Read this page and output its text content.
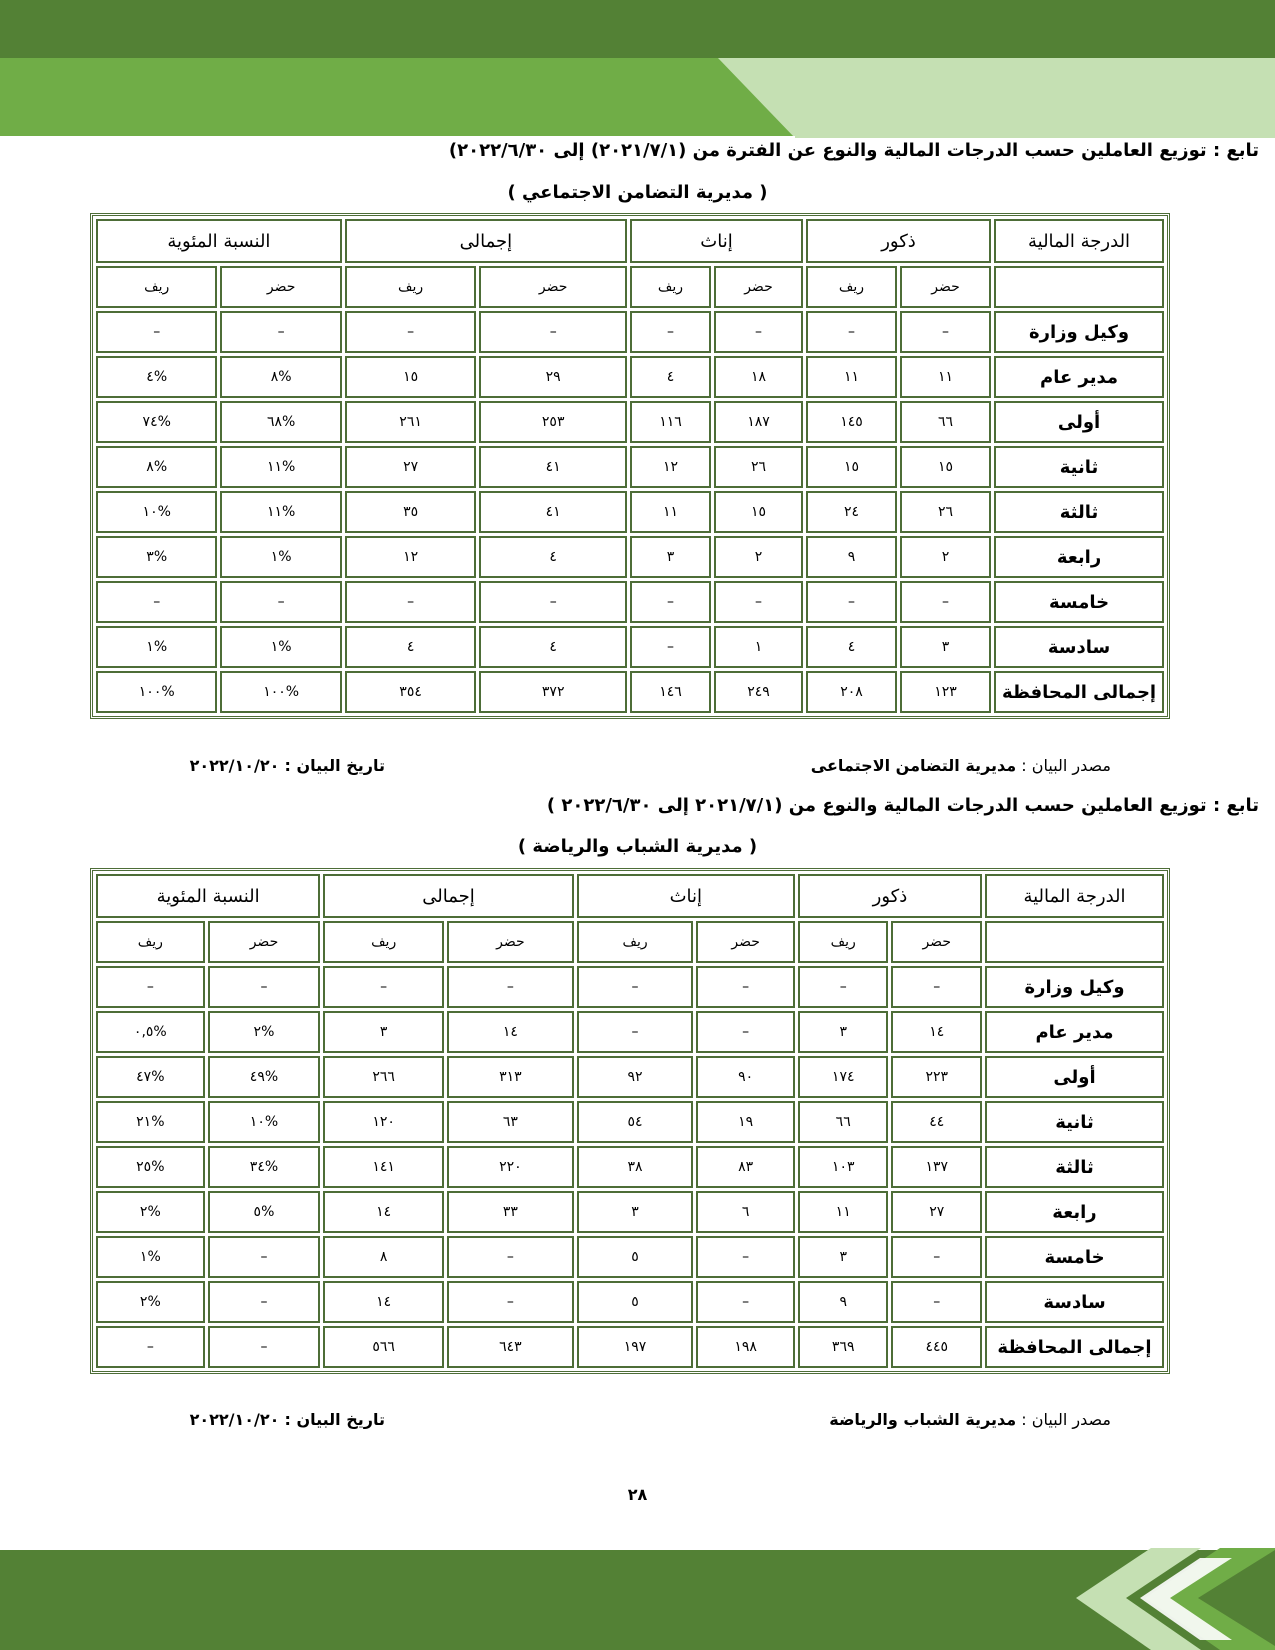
تابع : توزيع العاملين حسب الدرجات المالية والنوع عن الفترة من (٢٠٢١/٧/١) إلى ٢٠٢٢/٦/٣٠)
( مديرية التضامن الاجتماعي )
الدرجة المالية	ذكور		إناث		إجمالى		النسبة المئوية	
	حضر	ريف	حضر	ريف	حضر	ريف	حضر	ريف
وكيل وزارة	–	–	–	–	–	–	–	–
مدير عام	١١	١١	١٨	٤	٢٩	١٥	%٨	%٤
أولى	٦٦	١٤٥	١٨٧	١١٦	٢٥٣	٢٦١	%٦٨	%٧٤
ثانية	١٥	١٥	٢٦	١٢	٤١	٢٧	%١١	%٨
ثالثة	٢٦	٢٤	١٥	١١	٤١	٣٥	%١١	%١٠
رابعة	٢	٩	٢	٣	٤	١٢	%١	%٣
خامسة	–	–	–	–	–	–	–	–
سادسة	٣	٤	١	–	٤	٤	%١	%١
إجمالى المحافظة	١٢٣	٢٠٨	٢٤٩	١٤٦	٣٧٢	٣٥٤	%١٠٠	%١٠٠
مصدر البيان : مديرية التضامن الاجتماعى
تاريخ البيان : ٢٠٢٢/١٠/٢٠
تابع : توزيع العاملين حسب الدرجات المالية والنوع من (٢٠٢١/٧/١ إلى ٢٠٢٢/٦/٣٠ )
( مديرية الشباب والرياضة )
الدرجة المالية	ذكور		إناث		إجمالى		النسبة المئوية	
	حضر	ريف	حضر	ريف	حضر	ريف	حضر	ريف
وكيل وزارة	–	–	–	–	–	–	–	–
مدير عام	١٤	٣	–	–	١٤	٣	%٢	%٠,٥
أولى	٢٢٣	١٧٤	٩٠	٩٢	٣١٣	٢٦٦	%٤٩	%٤٧
ثانية	٤٤	٦٦	١٩	٥٤	٦٣	١٢٠	%١٠	%٢١
ثالثة	١٣٧	١٠٣	٨٣	٣٨	٢٢٠	١٤١	%٣٤	%٢٥
رابعة	٢٧	١١	٦	٣	٣٣	١٤	%٥	%٢
خامسة	–	٣	–	٥	–	٨	–	%١
سادسة	–	٩	–	٥	–	١٤	–	%٢
إجمالى المحافظة	٤٤٥	٣٦٩	١٩٨	١٩٧	٦٤٣	٥٦٦	–	–
مصدر البيان : مديرية الشباب والرياضة
تاريخ البيان : ٢٠٢٢/١٠/٢٠
٢٨
